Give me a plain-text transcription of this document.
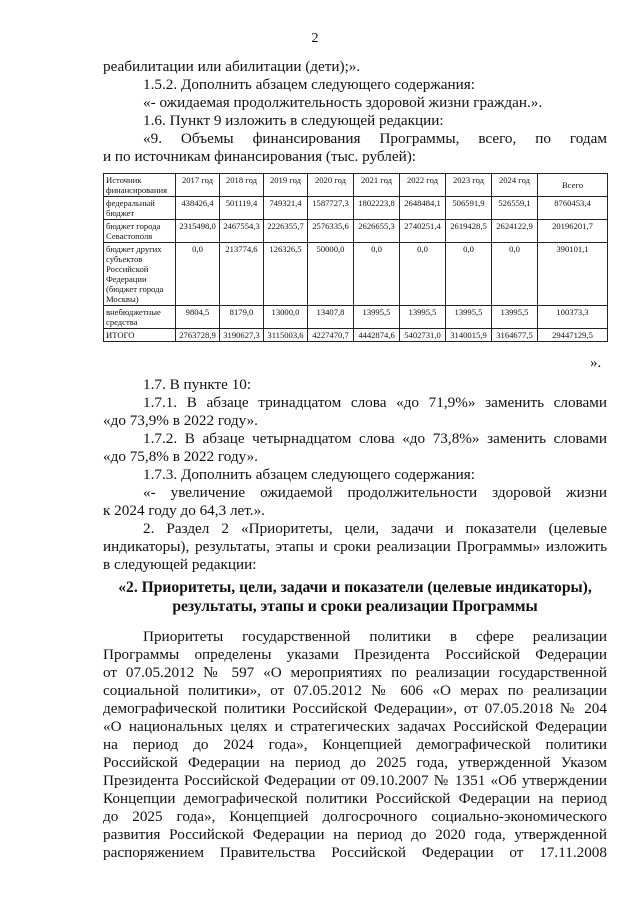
2
реабилитации или абилитации (дети);».
1.5.2. Дополнить абзацем следующего содержания:
«- ожидаемая продолжительность здоровой жизни граждан.».
1.6. Пункт 9 изложить в следующей редакции:
«9. Объемы финансирования Программы, всего, по годам
и по источникам финансирования (тыс. рублей):
Источник финансирования	2017 год	2018 год	2019 год	2020 год	2021 год	2022 год	2023 год	2024 год	Всего
федеральный бюджет	438426,4	501119,4	749321,4	1587727,3	1802223,8	2648484,1	506591,9	526559,1	8760453,4
бюджет города Севастополя	2315498,0	2467554,3	2226355,7	2576335,6	2626655,3	2740251,4	2619428,5	2624122,9	20196201,7
бюджет других субъектов Российской Федерации (бюджет города Москвы)	0,0	213774,6	126326,5	50000,0	0,0	0,0	0,0	0,0	390101,1
внебюджетные средства	9804,5	8179,0	13000,0	13407,8	13995,5	13995,5	13995,5	13995,5	100373,3
ИТОГО	2763728,9	3190627,3	3115003,6	4227470,7	4442874,6	5402731,0	3140015,9	3164677,5	29447129,5
».
1.7. В пункте 10:
1.7.1. В абзаце тринадцатом слова «до 71,9%» заменить словами
«до 73,9% в 2022 году».
1.7.2. В абзаце четырнадцатом слова «до 73,8%» заменить словами
«до 75,8% в 2022 году».
1.7.3. Дополнить абзацем следующего содержания:
«- увеличение ожидаемой продолжительности здоровой жизни
к 2024 году до 64,3 лет.».
2. Раздел 2 «Приоритеты, цели, задачи и показатели (целевые
индикаторы), результаты, этапы и сроки реализации Программы» изложить
в следующей редакции:
«2. Приоритеты, цели, задачи и показатели (целевые индикаторы),
результаты, этапы и сроки реализации Программы
Приоритеты государственной политики в сфере реализации
Программы определены указами Президента Российской Федерации
от 07.05.2012 № 597 «О мероприятиях по реализации государственной
социальной политики», от 07.05.2012 № 606 «О мерах по реализации
демографической политики Российской Федерации», от 07.05.2018 № 204
«О национальных целях и стратегических задачах Российской Федерации
на период до 2024 года», Концепцией демографической политики
Российской Федерации на период до 2025 года, утвержденной Указом
Президента Российской Федерации от 09.10.2007 № 1351 «Об утверждении
Концепции демографической политики Российской Федерации на период
до 2025 года», Концепцией долгосрочного социально-экономического
развития Российской Федерации на период до 2020 года, утвержденной
распоряжением Правительства Российской Федерации от 17.11.2008
